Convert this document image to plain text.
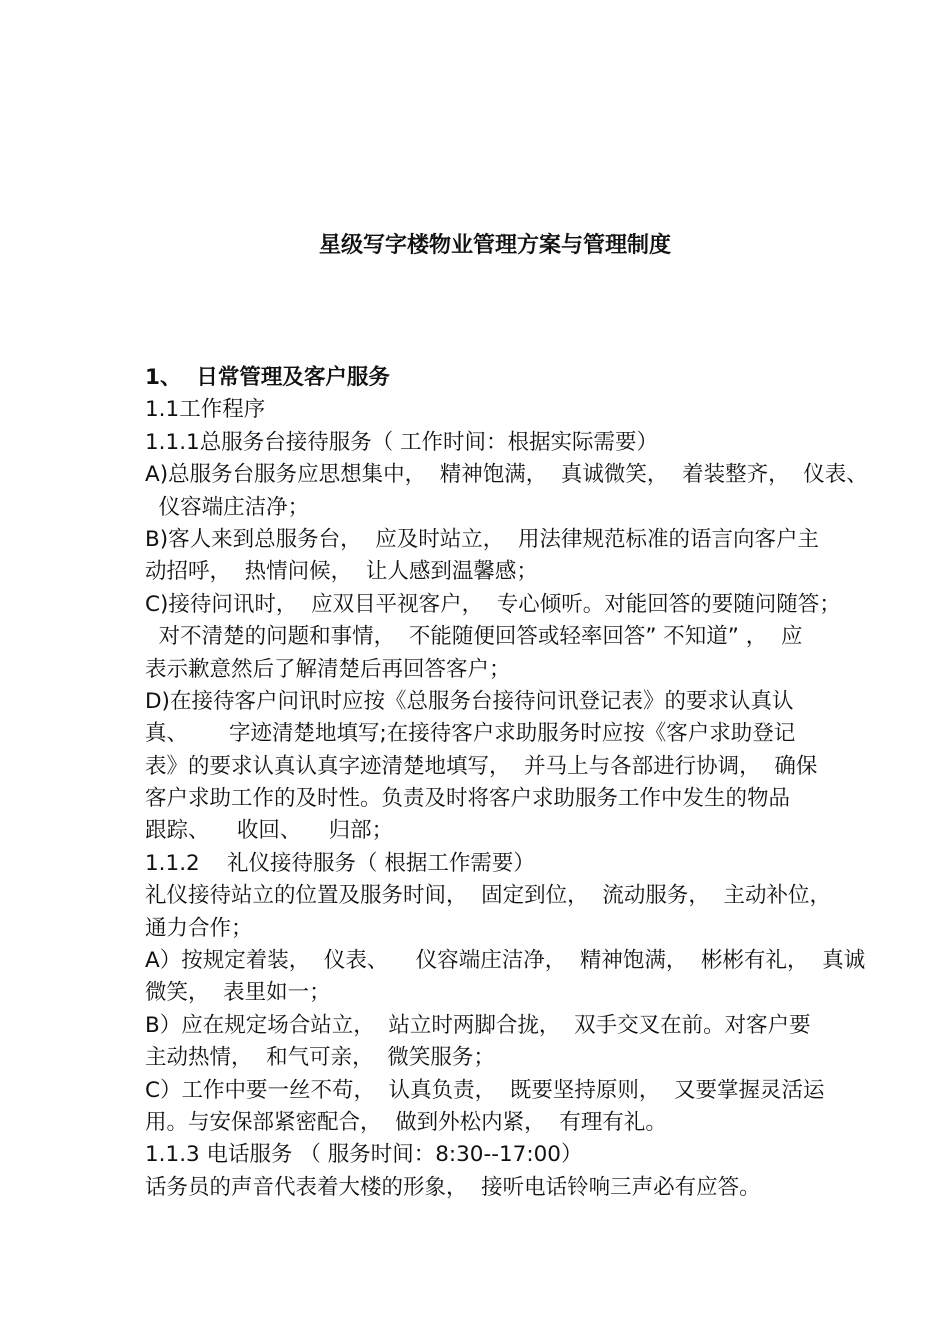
星级写字楼物业管理方案与管理制度
1、  日常管理及客户服务
1.1工作程序
1.1.1总服务台接待服务（ 工作时间：根据实际需要）
A)总服务台服务应思想集中，  精神饱满，  真诚微笑，  着装整齐，  仪表、
仪容端庄洁净；
B)客人来到总服务台，  应及时站立，  用法律规范标准的语言向客户主
动招呼，  热情问候，  让人感到温馨感；
C)接待问讯时，  应双目平视客户，  专心倾听。对能回答的要随问随答；
对不清楚的问题和事情，  不能随便回答或轻率回答” 不知道” ，  应
表示歉意然后了解清楚后再回答客户；
D)在接待客户问讯时应按《总服务台接待问讯登记表》的要求认真认
真、      字迹清楚地填写;在接待客户求助服务时应按《客户求助登记
表》的要求认真认真字迹清楚地填写，  并马上与各部进行协调，  确保
客户求助工作的及时性。负责及时将客户求助服务工作中发生的物品
跟踪、    收回、    归部；
1.1.2    礼仪接待服务（ 根据工作需要）
礼仪接待站立的位置及服务时间，  固定到位，  流动服务，  主动补位，
通力合作；
A）按规定着装，  仪表、    仪容端庄洁净，  精神饱满，  彬彬有礼，  真诚
微笑，  表里如一；
B）应在规定场合站立，  站立时两脚合拢，  双手交叉在前。对客户要
主动热情，  和气可亲，  微笑服务；
C）工作中要一丝不苟，  认真负责，  既要坚持原则，  又要掌握灵活运
用。与安保部紧密配合，  做到外松内紧，  有理有礼。
1.1.3 电话服务 （ 服务时间：8:30--17:00）
话务员的声音代表着大楼的形象，  接听电话铃响三声必有应答。
